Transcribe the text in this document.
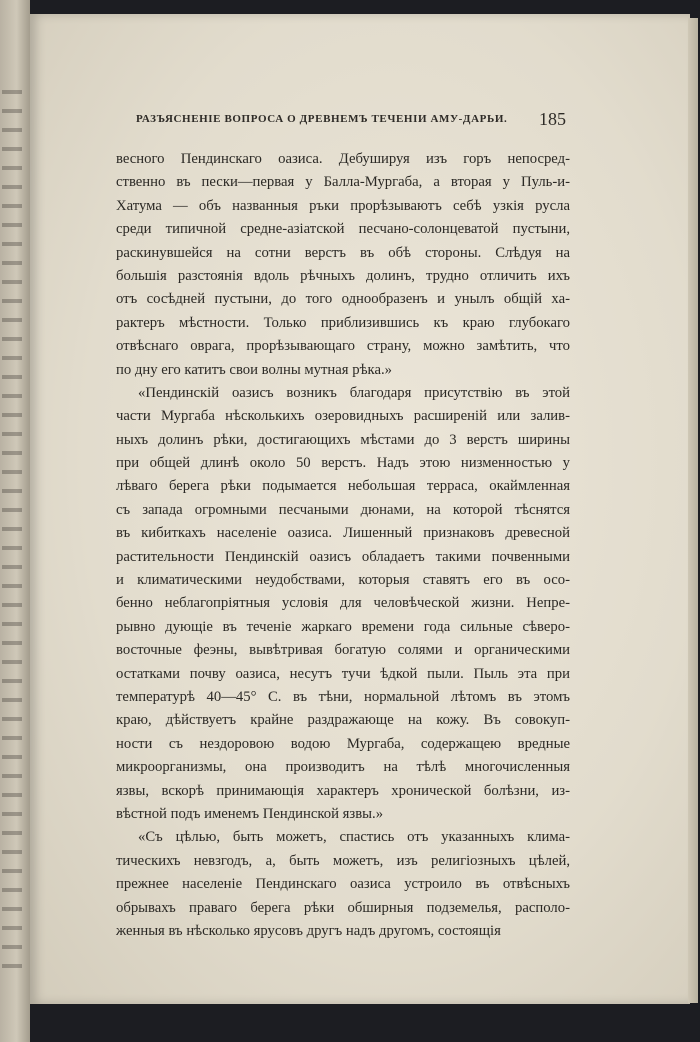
РАЗЪЯСНЕНІЕ ВОПРОСА О ДРЕВНЕМЪ ТЕЧЕНІИ АМУ-ДАРЬИ. 185
весного Пендинскаго оазиса. Дебушируя изъ горъ непосред-
ственно въ пески—первая у Балла-Мургаба, а вторая у Пуль-и-
Хатума — объ названныя ръки прорѣзываютъ себѣ узкія русла
среди типичной средне-азіатской песчано-солонцеватой пустыни,
раскинувшейся на сотни верстъ въ обѣ стороны. Слѣдуя на
большія разстоянія вдоль рѣчныхъ долинъ, трудно отличить ихъ
отъ сосѣдней пустыни, до того однообразенъ и унылъ общій ха-
рактеръ мѣстности. Только приблизившись къ краю глубокаго
отвѣснаго оврага, прорѣзывающаго страну, можно замѣтить, что
по дну его катитъ свои волны мутная рѣка.»
«Пендинскій оазисъ возникъ благодаря присутствію въ этой
части Мургаба нѣсколькихъ озеровидныхъ расширеній или залив-
ныхъ долинъ рѣки, достигающихъ мѣстами до 3 верстъ ширины
при общей длинѣ около 50 верстъ. Надъ этою низменностью у
лѣваго берега рѣки подымается небольшая терраса, окаймленная
съ запада огромными песчаными дюнами, на которой тѣснятся
въ кибиткахъ населеніе оазиса. Лишенный признаковъ древесной
растительности Пендинскій оазисъ обладаетъ такими почвенными
и климатическими неудобствами, которыя ставятъ его въ осо-
бенно неблагопріятныя условія для человѣческой жизни. Непре-
рывно дующіе въ теченіе жаркаго времени года сильные сѣверо-
восточные феэны, вывѣтривая богатую солями и органическими
остатками почву оазиса, несутъ тучи ѣдкой пыли. Пыль эта при
температурѣ 40—45° С. въ тѣни, нормальной лѣтомъ въ этомъ
краю, дѣйствуетъ крайне раздражающе на кожу. Въ совокуп-
ности съ нездоровою водою Мургаба, содержащею вредные
микроорганизмы, она производитъ на тѣлѣ многочисленныя
язвы, вскорѣ принимающія характеръ хронической болѣзни, из-
вѣстной подъ именемъ Пендинской язвы.»
«Съ цѣлью, быть можетъ, спастись отъ указанныхъ клима-
тическихъ невзгодъ, а, быть можетъ, изъ религіозныхъ цѣлей,
прежнее населеніе Пендинскаго оазиса устроило въ отвѣсныхъ
обрывахъ праваго берега рѣки обширныя подземелья, располо-
женныя въ нѣсколько ярусовъ другъ надъ другомъ, состоящія
